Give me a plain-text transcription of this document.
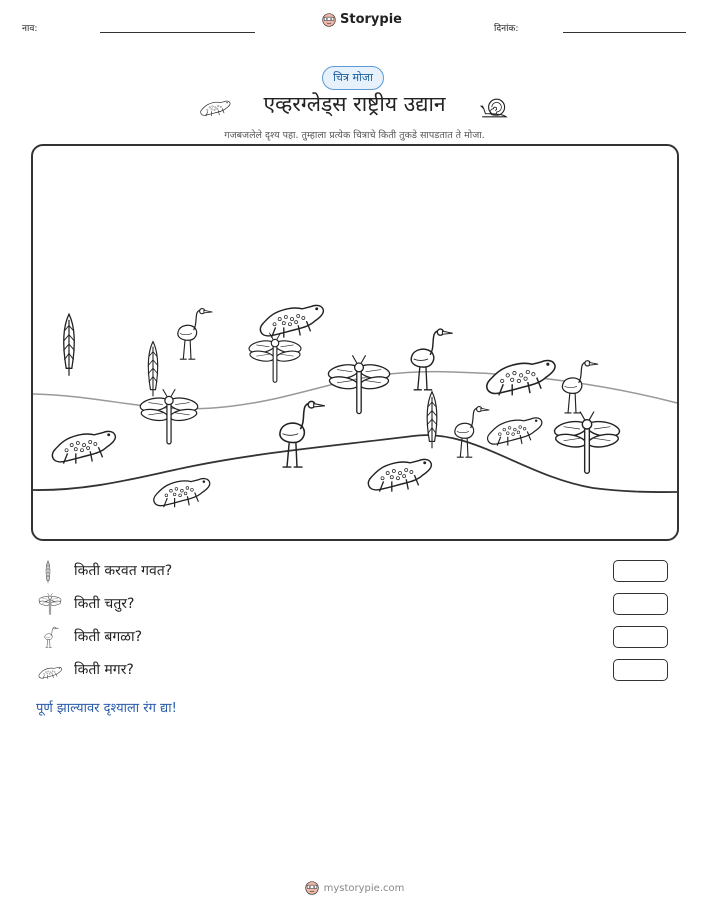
नाव:
Storypie
दिनांक:
चित्र मोजा
एव्हरग्लेड्स राष्ट्रीय उद्यान
गजबजलेले दृश्य पहा. तुम्हाला प्रत्येक चित्राचे किती तुकडे सापडतात ते मोजा.
किती करवत गवत?
किती चतुर?
किती बगळा?
किती मगर?
पूर्ण झाल्यावर दृश्याला रंग द्या!
mystorypie.com
